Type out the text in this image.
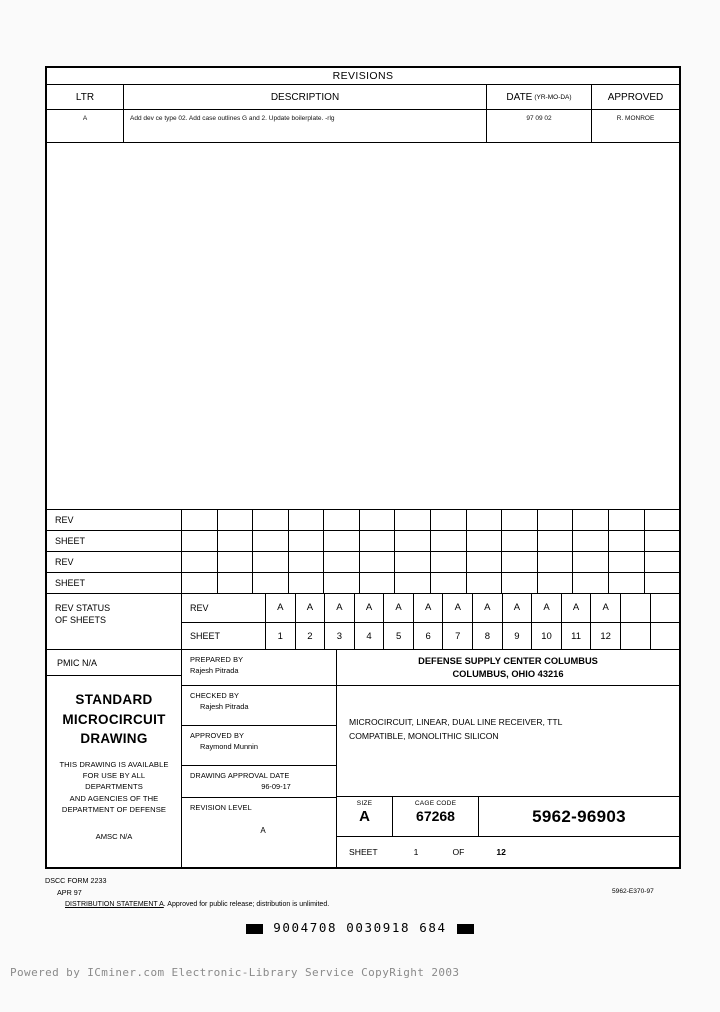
REVISIONS
LTR	DESCRIPTION	DATE (YR-MO-DA)	APPROVED
A	Add dev ce type 02. Add case outlines G and 2. Update boilerplate. -rlg	97 09 02	R. MONROE
REV
SHEET
REV
SHEET
REV STATUS
OF SHEETS
REV	A	A	A	A	A	A	A	A	A	A	A	A
SHEET	1	2	3	4	5	6	7	8	9	10	11	12
PMIC N/A
STANDARD
MICROCIRCUIT
DRAWING
THIS DRAWING IS AVAILABLE
FOR USE BY ALL
DEPARTMENTS
AND AGENCIES OF THE
DEPARTMENT OF DEFENSE
AMSC N/A
PREPARED BY
Rajesh Pitrada
CHECKED BY
Rajesh Pitrada
APPROVED BY
Raymond Munnin
DRAWING APPROVAL DATE
96-09-17
REVISION LEVEL
A
DEFENSE SUPPLY CENTER COLUMBUS
COLUMBUS, OHIO 43216
MICROCIRCUIT, LINEAR, DUAL LINE RECEIVER, TTL
COMPATIBLE, MONOLITHIC SILICON
SIZE
A
CAGE CODE
67268	5962-96903
SHEET	1	OF	12
DSCC FORM 2233
APR 97
DISTRIBUTION STATEMENT A. Approved for public release; distribution is unlimited.
5962-E370-97
9004708 0030918 684
Powered by ICminer.com Electronic-Library Service CopyRight 2003
